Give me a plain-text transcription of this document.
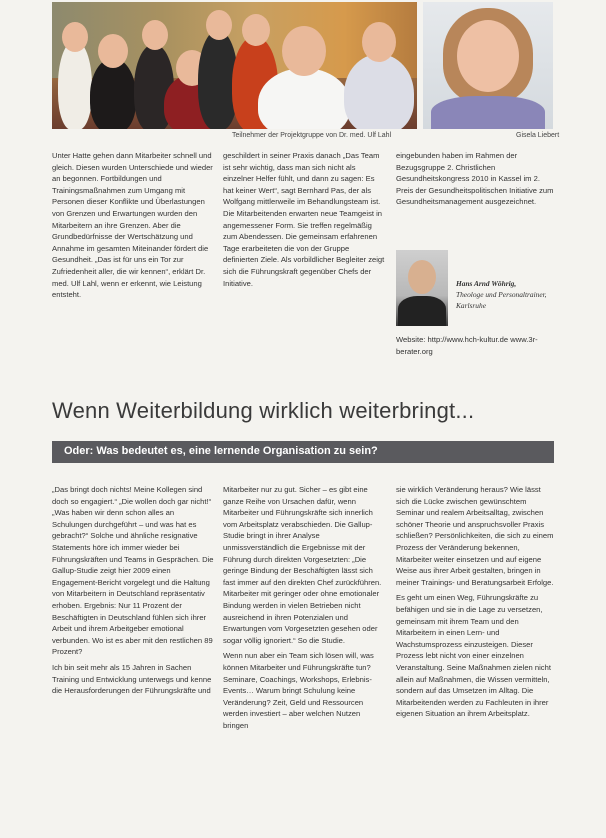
Teilnehmer der Projektgruppe von Dr. med. Ulf Lahl	Gisela Liebert

Unter Hatte gehen dann Mitarbeiter schnell und gleich. Diesen wurden Unterschiede und wieder an begonnen. Fortbildungen und Trainingsmaßnahmen zum Umgang mit Personen dieser Konflikte und Überlastungen von Grenzen und Erwartungen wurden den Mitarbeitern an ihre Grenzen. Aber die Grundbedürfnisse der Wertschätzung und Annahme im gesamten Miteinander fördert die Gesundheit. „Das ist für uns ein Tor zur Zufriedenheit aller, die wir kennen“, erklärt Dr. med. Ulf Lahl, wenn er erkennt, wie Leistung entsteht.

geschildert in seiner Praxis danach „Das Team ist sehr wichtig, dass man sich nicht als einzelner Helfer fühlt, und dann zu sagen: Es hat keiner Wert“, sagt Bernhard Pas, der als Wolfgang mittlerweile im Behandlungsteam ist. Die Mitarbeitenden erwarten neue Teamgeist in angemessener Form. Sie treffen regelmäßig zum Abendessen. Die gemeinsam erfahrenen Tage erarbeiteten die von der Gruppe definierten Ziele. Als vorbildlicher Begleiter zeigt sich die Führungskraft gegenüber Chefs der Initiative.

eingebunden haben im Rahmen der Bezugsgruppe 2. Christlichen Gesundheitskongress 2010 in Kassel im 2. Preis der Gesundheitspolitischen Initiative zum Gesundheitsmanagement ausgezeichnet.

Hans Arnd Wöhrig,
Theologe und Personaltrainer, Karlsruhe
Website: http://www.hch-kultur.de www.3r-berater.org
Wenn Weiterbildung wirklich weiterbringt...
Oder: Was bedeutet es, eine lernende Organisation zu sein?

„Das bringt doch nichts! Meine Kollegen sind doch so engagiert.“ „Die wollen doch gar nicht!“ „Was haben wir denn schon alles an Schulungen durchgeführt – und was hat es gebracht?“ Solche und ähnliche resignative Statements höre ich immer wieder bei Führungskräften und Teams in Gesprächen. Die Gallup-Studie zeigt hier 2009 einen Engagement-Bericht vorgelegt und die Haltung von Mitarbeitern in Deutschland repräsentativ erhoben. Ergebnis: Nur 11 Prozent der Beschäftigten in Deutschland fühlen sich ihrer Arbeit und ihrem Arbeitgeber emotional verbunden. Wo ist es aber mit den restlichen 89 Prozent?

Ich bin seit mehr als 15 Jahren in Sachen Training und Entwicklung unterwegs und kenne die Herausforderungen der Führungskräfte und

Mitarbeiter nur zu gut. Sicher – es gibt eine ganze Reihe von Ursachen dafür, wenn Mitarbeiter und Führungskräfte sich innerlich vom Arbeitsplatz verabschieden. Die Gallup-Studie bringt in ihrer Analyse unmissverständlich die Ergebnisse mit der Führung durch direkten Vorgesetzten: „Die geringe Bindung der Beschäftigten lässt sich fast immer auf den direkten Chef zurückführen. Mitarbeiter mit geringer oder ohne emotionaler Bindung werden in vielen Betrieben nicht ausreichend in ihren Potenzialen und Erwartungen vom Vorgesetzten gesehen oder sogar völlig ignoriert.“ So die Studie.

Wenn nun aber ein Team sich lösen will, was können Mitarbeiter und Führungskräfte tun? Seminare, Coachings, Workshops, Erlebnis-Events… Warum bringt Schulung keine Veränderung? Zeit, Geld und Ressourcen werden investiert – aber welchen Nutzen bringen

sie wirklich Veränderung heraus? Wie lässt sich die Lücke zwischen gewünschtem Seminar und realem Arbeitsalltag, zwischen schöner Theorie und anspruchsvoller Praxis schließen? Persönlichkeiten, die sich zu einem Prozess der Veränderung bekennen, Mitarbeiter weiter einsetzen und auf eigene Weise aus ihrer Arbeit gestalten, bringen in meiner Trainings- und Beratungsarbeit Erfolge.

Es geht um einen Weg, Führungskräfte zu befähigen und sie in die Lage zu versetzen, gemeinsam mit ihrem Team und den Mitarbeitern in einen Lern- und Wachstumsprozess einzusteigen. Dieser Prozess lebt nicht von einer einzelnen Veranstaltung. Seine Maßnahmen zielen nicht allein auf Maßnahmen, die Wissen vermitteln, sondern auf das Umsetzen im Alltag. Die Mitarbeitenden werden zu Fachleuten in ihrer eigenen Situation an ihrem Arbeitsplatz.
